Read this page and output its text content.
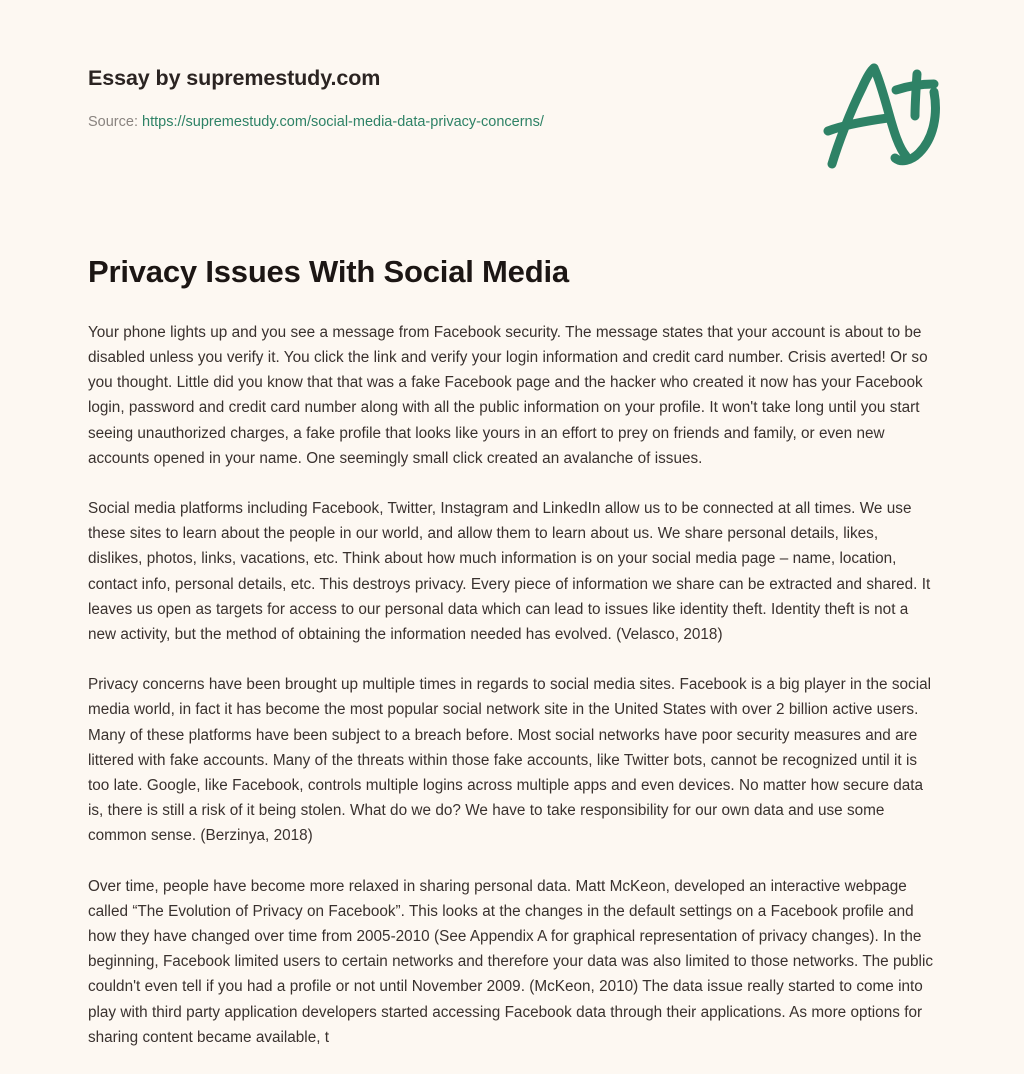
Essay by supremestudy.com
Source: https://supremestudy.com/social-media-data-privacy-concerns/
Privacy Issues With Social Media

Your phone lights up and you see a message from Facebook security. The message states that your account is about to be disabled unless you verify it. You click the link and verify your login information and credit card number. Crisis averted! Or so you thought. Little did you know that that was a fake Facebook page and the hacker who created it now has your Facebook login, password and credit card number along with all the public information on your profile. It won't take long until you start seeing unauthorized charges, a fake profile that looks like yours in an effort to prey on friends and family, or even new accounts opened in your name. One seemingly small click created an avalanche of issues.

Social media platforms including Facebook, Twitter, Instagram and LinkedIn allow us to be connected at all times. We use these sites to learn about the people in our world, and allow them to learn about us. We share personal details, likes, dislikes, photos, links, vacations, etc. Think about how much information is on your social media page – name, location, contact info, personal details, etc. This destroys privacy. Every piece of information we share can be extracted and shared. It leaves us open as targets for access to our personal data which can lead to issues like identity theft. Identity theft is not a new activity, but the method of obtaining the information needed has evolved. (Velasco, 2018)

Privacy concerns have been brought up multiple times in regards to social media sites. Facebook is a big player in the social media world, in fact it has become the most popular social network site in the United States with over 2 billion active users. Many of these platforms have been subject to a breach before. Most social networks have poor security measures and are littered with fake accounts. Many of the threats within those fake accounts, like Twitter bots, cannot be recognized until it is too late. Google, like Facebook, controls multiple logins across multiple apps and even devices. No matter how secure data is, there is still a risk of it being stolen. What do we do? We have to take responsibility for our own data and use some common sense. (Berzinya, 2018)

Over time, people have become more relaxed in sharing personal data. Matt McKeon, developed an interactive webpage called “The Evolution of Privacy on Facebook”. This looks at the changes in the default settings on a Facebook profile and how they have changed over time from 2005-2010 (See Appendix A for graphical representation of privacy changes). In the beginning, Facebook limited users to certain networks and therefore your data was also limited to those networks. The public couldn't even tell if you had a profile or not until November 2009. (McKeon, 2010) The data issue really started to come into play with third party application developers started accessing Facebook data through their applications. As more options for sharing content became available, t
